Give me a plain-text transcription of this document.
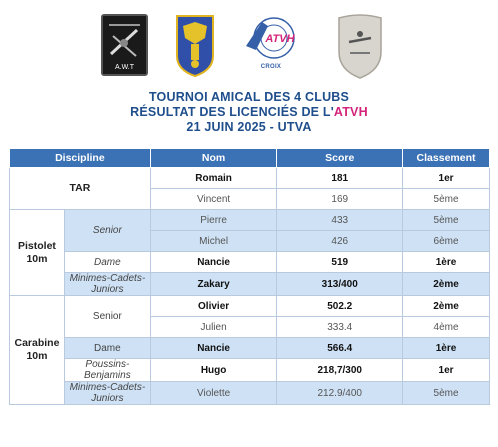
A.W.T
ATVH
CROIX
TOURNOI AMICAL DES 4 CLUBS
RÉSULTAT DES LICENCIÉS DE L'ATVH
21 JUIN 2025 - UTVA
Discipline		Nom	Score	Classement
TAR		Romain	181	1er
		Vincent	169	5ème
Pistolet 10m	Senior	Pierre	433	5ème
		Michel	426	6ème
	Dame	Nancie	519	1ère
	Minimes-Cadets-Juniors	Zakary	313/400	2ème
Carabine 10m	Senior	Olivier	502.2	2ème
		Julien	333.4	4ème
	Dame	Nancie	566.4	1ère
	Poussins-Benjamins	Hugo	218,7/300	1er
	Minimes-Cadets-Juniors	Violette	212.9/400	5ème
